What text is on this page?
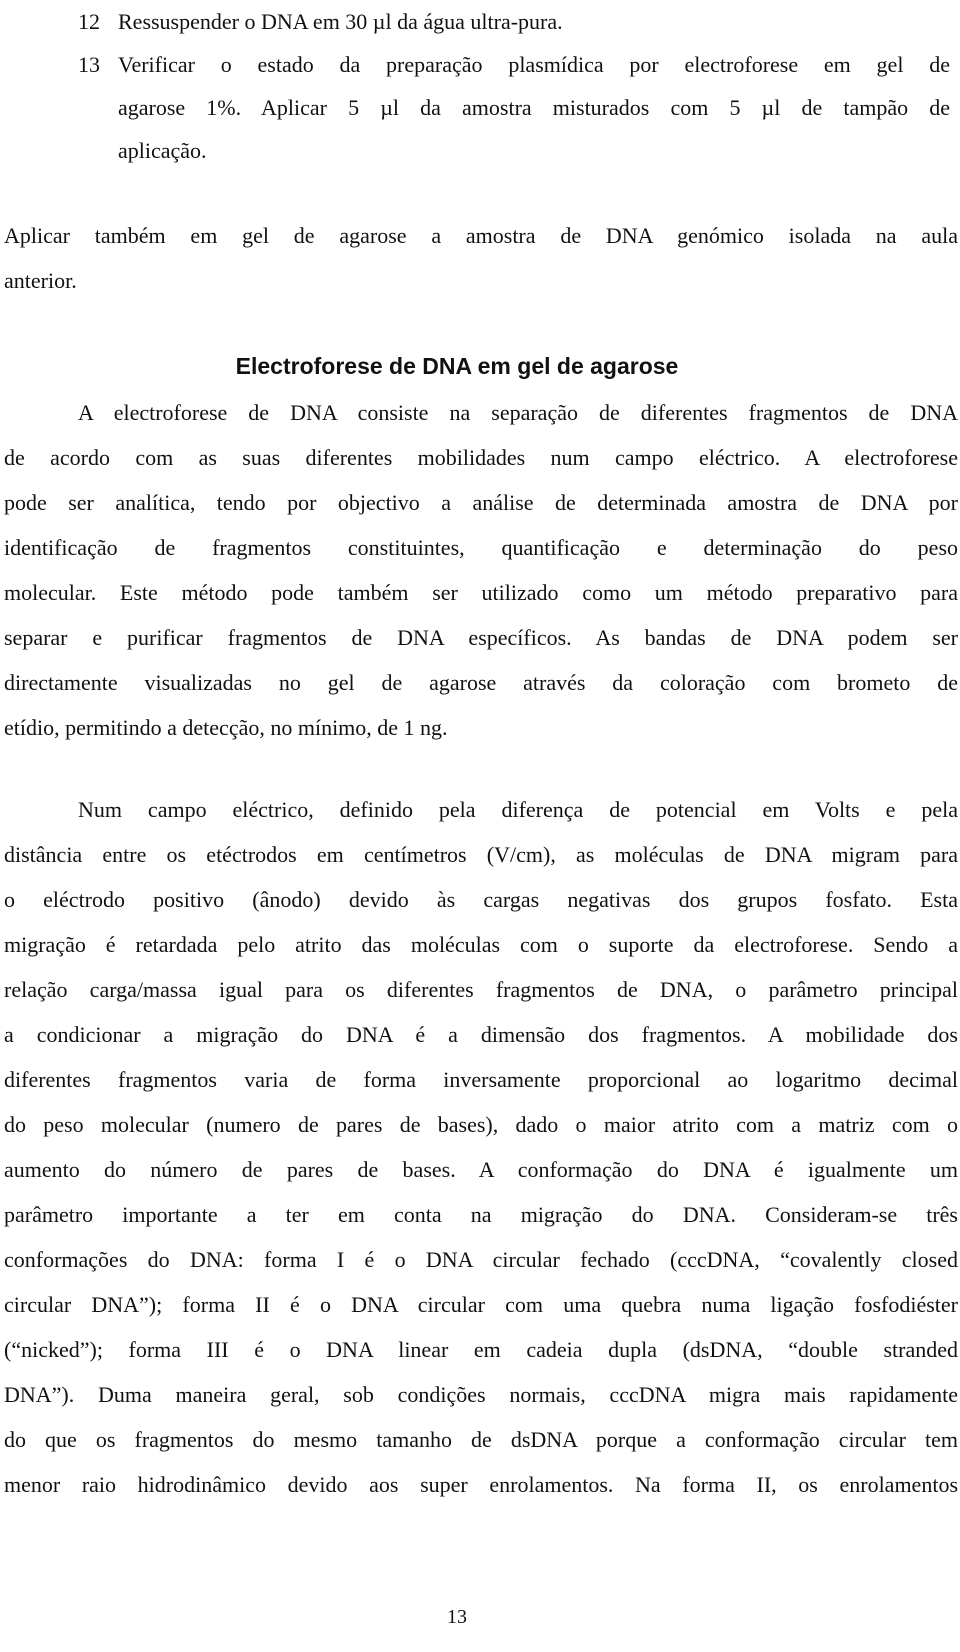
12 Ressuspender o DNA em 30 µl da água ultra-pura.
13 Verificar o estado da preparação plasmídica por electroforese em gel de
agarose 1%. Aplicar 5 µl da amostra misturados com 5 µl de tampão de
aplicação.
Aplicar também em gel de agarose a amostra de DNA genómico isolada na aula
anterior.
Electroforese de DNA em gel de agarose
A electroforese de DNA consiste na separação de diferentes fragmentos de DNA
de acordo com as suas diferentes mobilidades num campo eléctrico. A electroforese
pode ser analítica, tendo por objectivo a análise de determinada amostra de DNA por
identificação de fragmentos constituintes, quantificação e determinação do peso
molecular. Este método pode também ser utilizado como um método preparativo para
separar e purificar fragmentos de DNA específicos. As bandas de DNA podem ser
directamente visualizadas no gel de agarose através da coloração com brometo de
etídio, permitindo a detecção, no mínimo, de 1 ng.
Num campo eléctrico, definido pela diferença de potencial em Volts e pela
distância entre os etéctrodos em centímetros (V/cm), as moléculas de DNA migram para
o eléctrodo positivo (ânodo) devido às cargas negativas dos grupos fosfato. Esta
migração é retardada pelo atrito das moléculas com o suporte da electroforese. Sendo a
relação carga/massa igual para os diferentes fragmentos de DNA, o parâmetro principal
a condicionar a migração do DNA é a dimensão dos fragmentos. A mobilidade dos
diferentes fragmentos varia de forma inversamente proporcional ao logaritmo decimal
do peso molecular (numero de pares de bases), dado o maior atrito com a matriz com o
aumento do número de pares de bases. A conformação do DNA é igualmente um
parâmetro importante a ter em conta na migração do DNA. Consideram-se três
conformações do DNA: forma I é o DNA circular fechado (cccDNA, “covalently closed
circular DNA”); forma II é o DNA circular com uma quebra numa ligação fosfodiéster
(“nicked”); forma III é o DNA linear em cadeia dupla (dsDNA, “double stranded
DNA”). Duma maneira geral, sob condições normais, cccDNA migra mais rapidamente
do que os fragmentos do mesmo tamanho de dsDNA porque a conformação circular tem
menor raio hidrodinâmico devido aos super enrolamentos. Na forma II, os enrolamentos
13
